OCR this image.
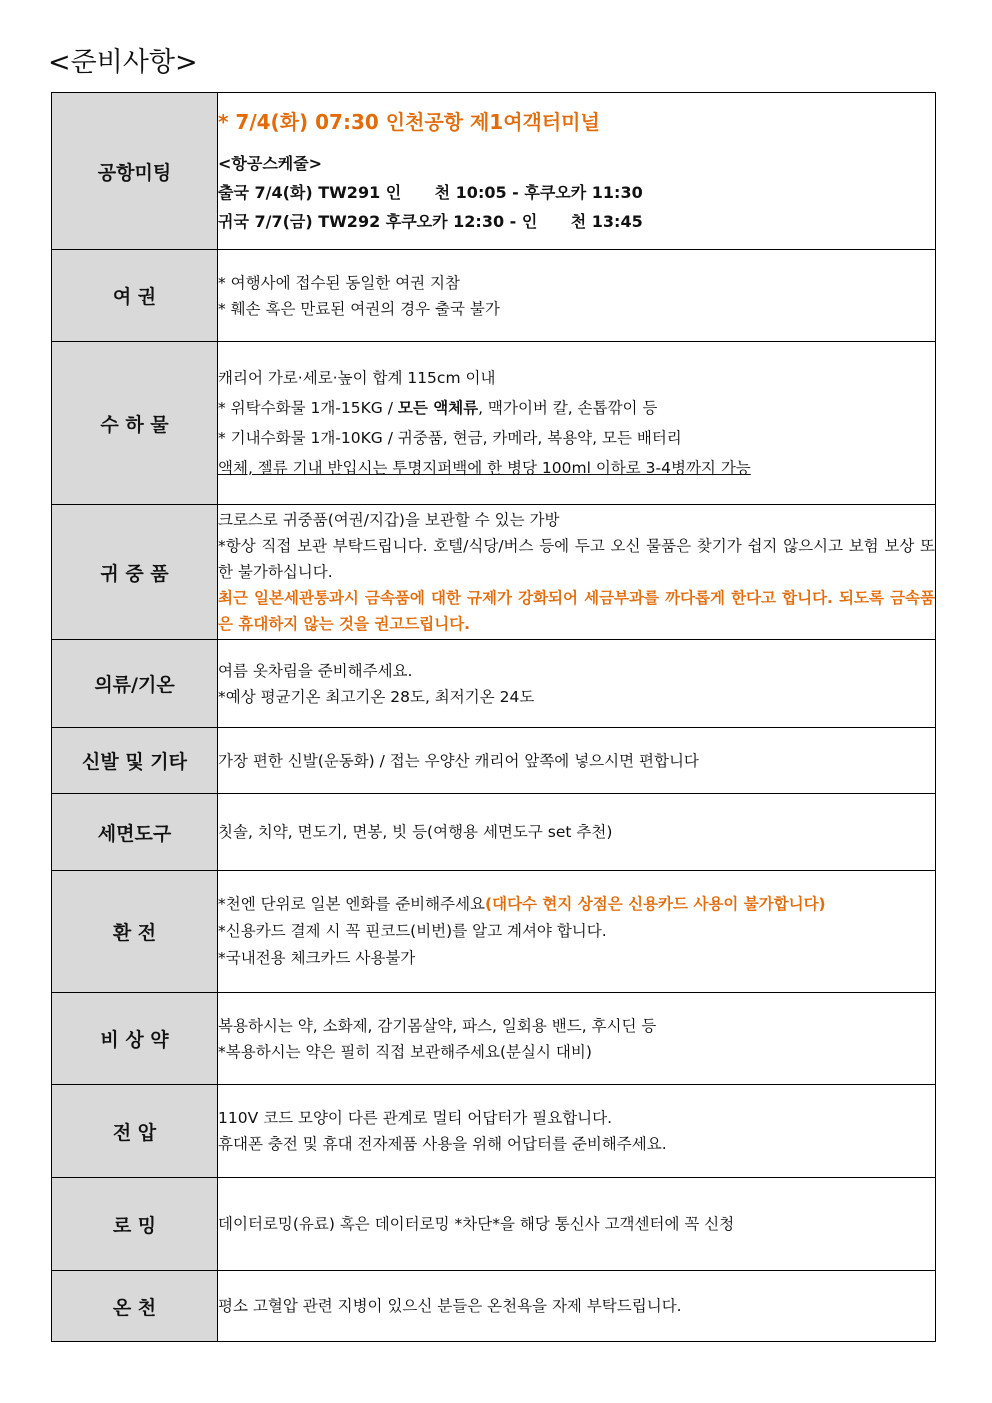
<준비사항>
공항미팅	* 7/4(화) 07:30 인천공항 제1여객터미널
<항공스케줄>
출국 7/4(화) TW291 인      천 10:05 - 후쿠오카 11:30
귀국 7/7(금) TW292 후쿠오카 12:30 - 인      천 13:45

여 권	* 여행사에 접수된 동일한 여권 지참
* 훼손 혹은 만료된 여권의 경우 출국 불가

수 하 물	캐리어 가로‧세로‧높이 합계 115cm 이내
* 위탁수화물 1개-15KG / 모든 액체류, 맥가이버 칼, 손톱깎이 등
* 기내수화물 1개-10KG / 귀중품, 현금, 카메라, 복용약, 모든 배터리
액체, 젤류 기내 반입시는 투명지퍼백에 한 병당 100ml 이하로 3-4병까지 가능

귀 중 품	크로스로 귀중품(여권/지갑)을 보관할 수 있는 가방
*항상 직접 보관 부탁드립니다. 호텔/식당/버스 등에 두고 오신 물품은 찾기가 쉽지 않으시고 보험 보상 또한 불가하십니다.
최근 일본세관통과시 금속품에 대한 규제가 강화되어 세금부과를 까다롭게 한다고 합니다. 되도록 금속품은 휴대하지 않는 것을 권고드립니다.

의류/기온	여름 옷차림을 준비해주세요.
*예상 평균기온 최고기온 28도, 최저기온 24도

신발 및 기타	가장 편한 신발(운동화) / 접는 우양산 캐리어 앞쪽에 넣으시면 편합니다

세면도구	칫솔, 치약, 면도기, 면봉, 빗 등(여행용 세면도구 set 추천)

환 전	*천엔 단위로 일본 엔화를 준비해주세요(대다수 현지 상점은 신용카드 사용이 불가합니다)
*신용카드 결제 시 꼭 핀코드(비번)를 알고 계셔야 합니다.
*국내전용 체크카드 사용불가

비 상 약	복용하시는 약, 소화제, 감기몸살약, 파스, 일회용 밴드, 후시딘 등
*복용하시는 약은 필히 직접 보관해주세요(분실시 대비)

전 압	110V 코드 모양이 다른 관계로 멀티 어답터가 필요합니다.
휴대폰 충전 및 휴대 전자제품 사용을 위해 어답터를 준비해주세요.

로 밍	데이터로밍(유료) 혹은 데이터로밍 *차단*을 해당 통신사 고객센터에 꼭 신청

온 천	평소 고혈압 관련 지병이 있으신 분들은 온천욕을 자제 부탁드립니다.
